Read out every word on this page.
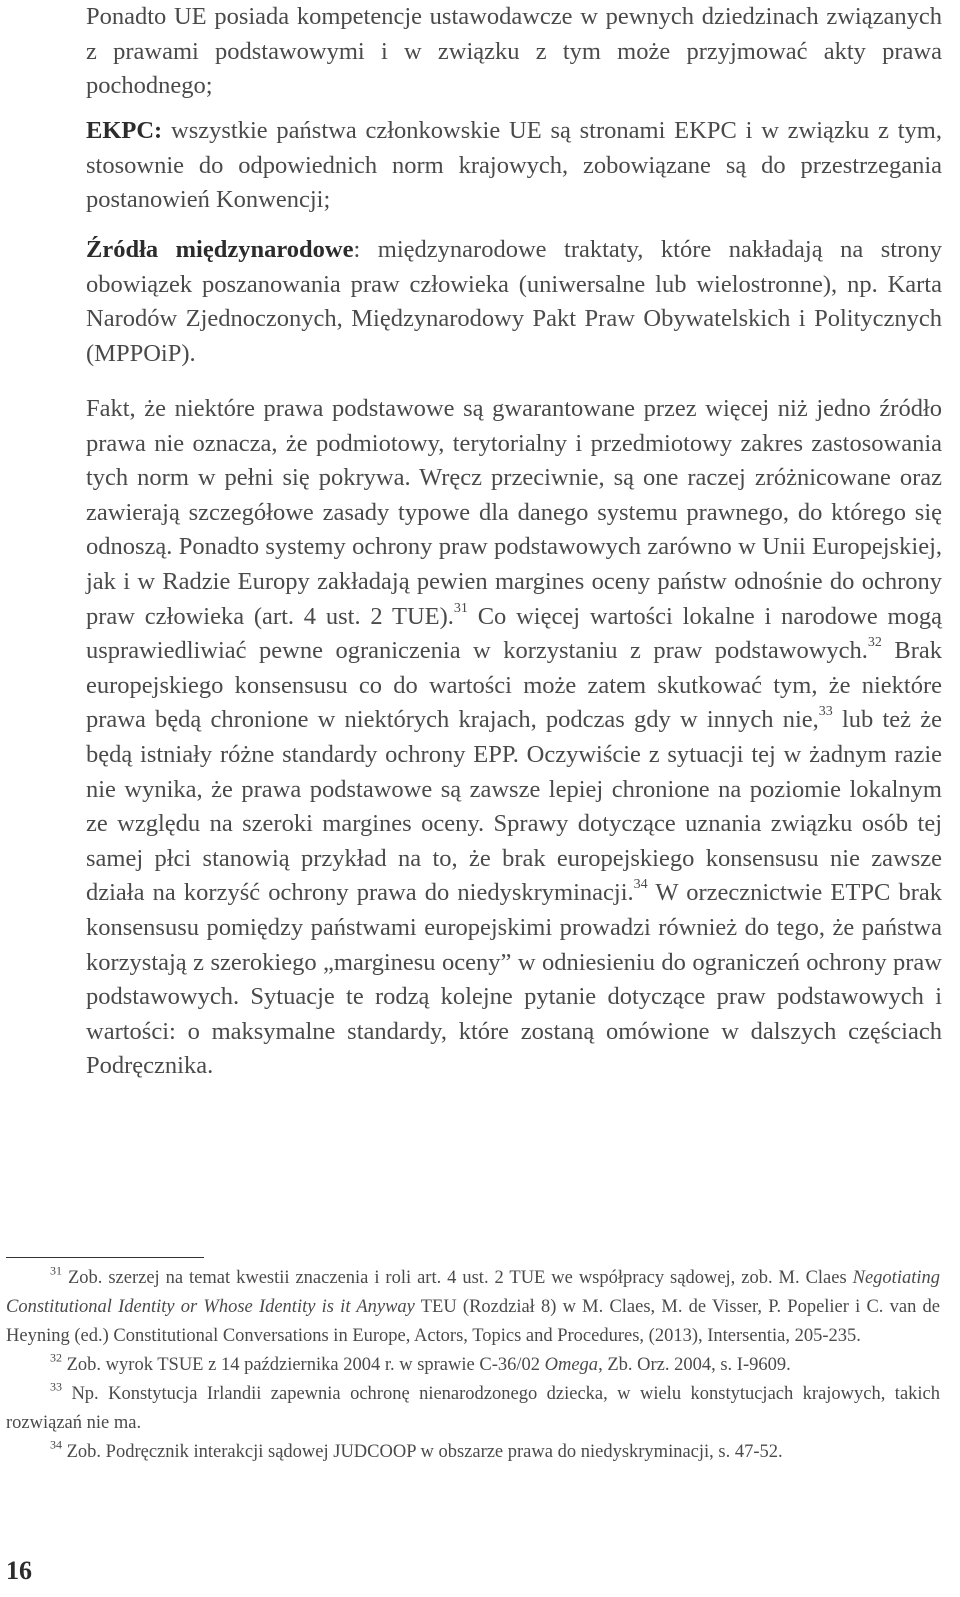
Ponadto UE posiada kompetencje ustawodawcze w pewnych dziedzinach związanych z prawami podstawowymi i w związku z tym może przyjmować akty prawa pochodnego;

EKPC: wszystkie państwa członkowskie UE są stronami EKPC i w związku z tym, stosownie do odpowiednich norm krajowych, zobowiązane są do przestrzegania postanowień Konwencji;

Źródła międzynarodowe: międzynarodowe traktaty, które nakładają na strony obowiązek poszanowania praw człowieka (uniwersalne lub wielostronne), np. Karta Narodów Zjednoczonych, Międzynarodowy Pakt Praw Obywatelskich i Politycznych (MPPOiP).

Fakt, że niektóre prawa podstawowe są gwarantowane przez więcej niż jedno źródło prawa nie oznacza, że podmiotowy, terytorialny i przedmiotowy zakres zastosowania tych norm w pełni się pokrywa. Wręcz przeciwnie, są one raczej zróżnicowane oraz zawierają szczegółowe zasady typowe dla danego systemu prawnego, do którego się odnoszą. Ponadto systemy ochrony praw podstawowych zarówno w Unii Europejskiej, jak i w Radzie Europy zakładają pewien margines oceny państw odnośnie do ochrony praw człowieka (art. 4 ust. 2 TUE).$^{31}$ Co więcej wartości lokalne i narodowe mogą usprawiedliwiać pewne ograniczenia w korzystaniu z praw podstawowych.$^{32}$ Brak europejskiego konsensusu co do wartości może zatem skutkować tym, że niektóre prawa będą chronione w niektórych krajach, podczas gdy w innych nie,$^{33}$ lub też że będą istniały różne standardy ochrony EPP. Oczywiście z sytuacji tej w żadnym razie nie wynika, że prawa podstawowe są zawsze lepiej chronione na poziomie lokalnym ze względu na szeroki margines oceny. Sprawy dotyczące uznania związku osób tej samej płci stanowią przykład na to, że brak europejskiego konsensusu nie zawsze działa na korzyść ochrony prawa do niedyskryminacji.$^{34}$ W orzecznictwie ETPC brak konsensusu pomiędzy państwami europejskimi prowadzi również do tego, że państwa korzystają z szerokiego „marginesu oceny” w odniesieniu do ograniczeń ochrony praw podstawowych. Sytuacje te rodzą kolejne pytanie dotyczące praw podstawowych i wartości: o maksymalne standardy, które zostaną omówione w dalszych częściach Podręcznika.

$^{31}$ Zob. szerzej na temat kwestii znaczenia i roli art. 4 ust. 2 TUE we współpracy sądowej, zob. M. Claes Negotiating Constitutional Identity or Whose Identity is it Anyway TEU (Rozdział 8) w M. Claes, M. de Visser, P. Popelier i C. van de Heyning (ed.) Constitutional Conversations in Europe, Actors, Topics and Procedures, (2013), Intersentia, 205-235.

$^{32}$ Zob. wyrok TSUE z 14 października 2004 r. w sprawie C-36/02 Omega, Zb. Orz. 2004, s. I-9609.

$^{33}$ Np. Konstytucja Irlandii zapewnia ochronę nienarodzonego dziecka, w wielu konstytucjach krajowych, takich rozwiązań nie ma.

$^{34}$ Zob. Podręcznik interakcji sądowej JUDCOOP w obszarze prawa do niedyskryminacji, s. 47-52.

16
